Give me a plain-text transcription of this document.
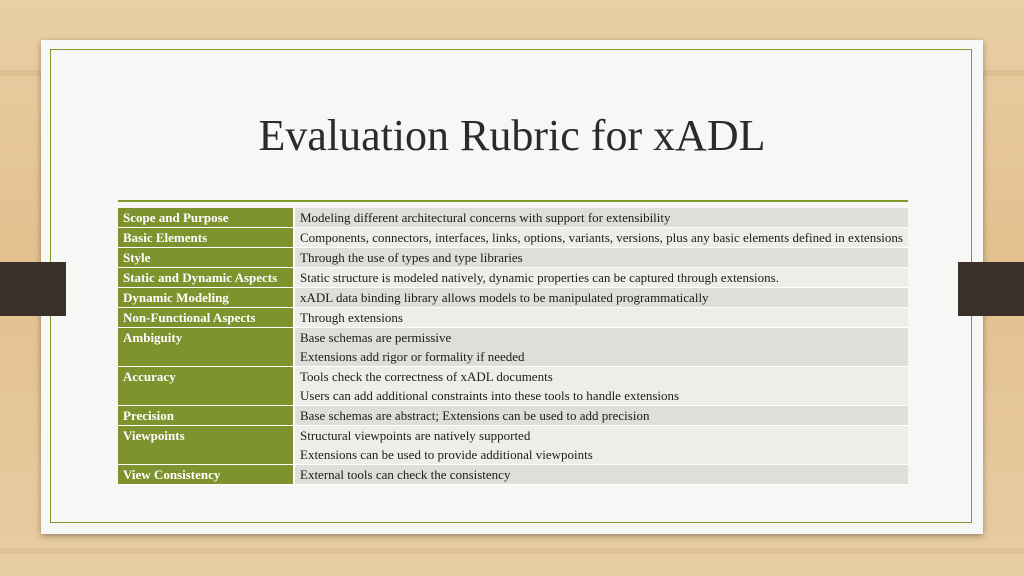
Evaluation Rubric for xADL
Scope and Purpose	Modeling different architectural concerns with support for extensibility

Basic Elements	Components, connectors, interfaces, links, options, variants, versions, plus any basic elements defined in extensions

Style	Through the use of types and type libraries

Static and Dynamic Aspects	Static structure is modeled natively, dynamic properties can be captured through extensions.

Dynamic Modeling	xADL data binding library allows models to be manipulated programmatically

Non-Functional Aspects	Through extensions

Ambiguity	Base schemas are permissive
Extensions add rigor or formality if needed

Accuracy	Tools check the correctness of xADL documents
Users can add additional constraints into these tools to handle extensions

Precision	Base schemas are abstract; Extensions can be used to add precision

Viewpoints	Structural viewpoints are natively supported
Extensions can be used to provide additional viewpoints

View Consistency	External tools can check the consistency
